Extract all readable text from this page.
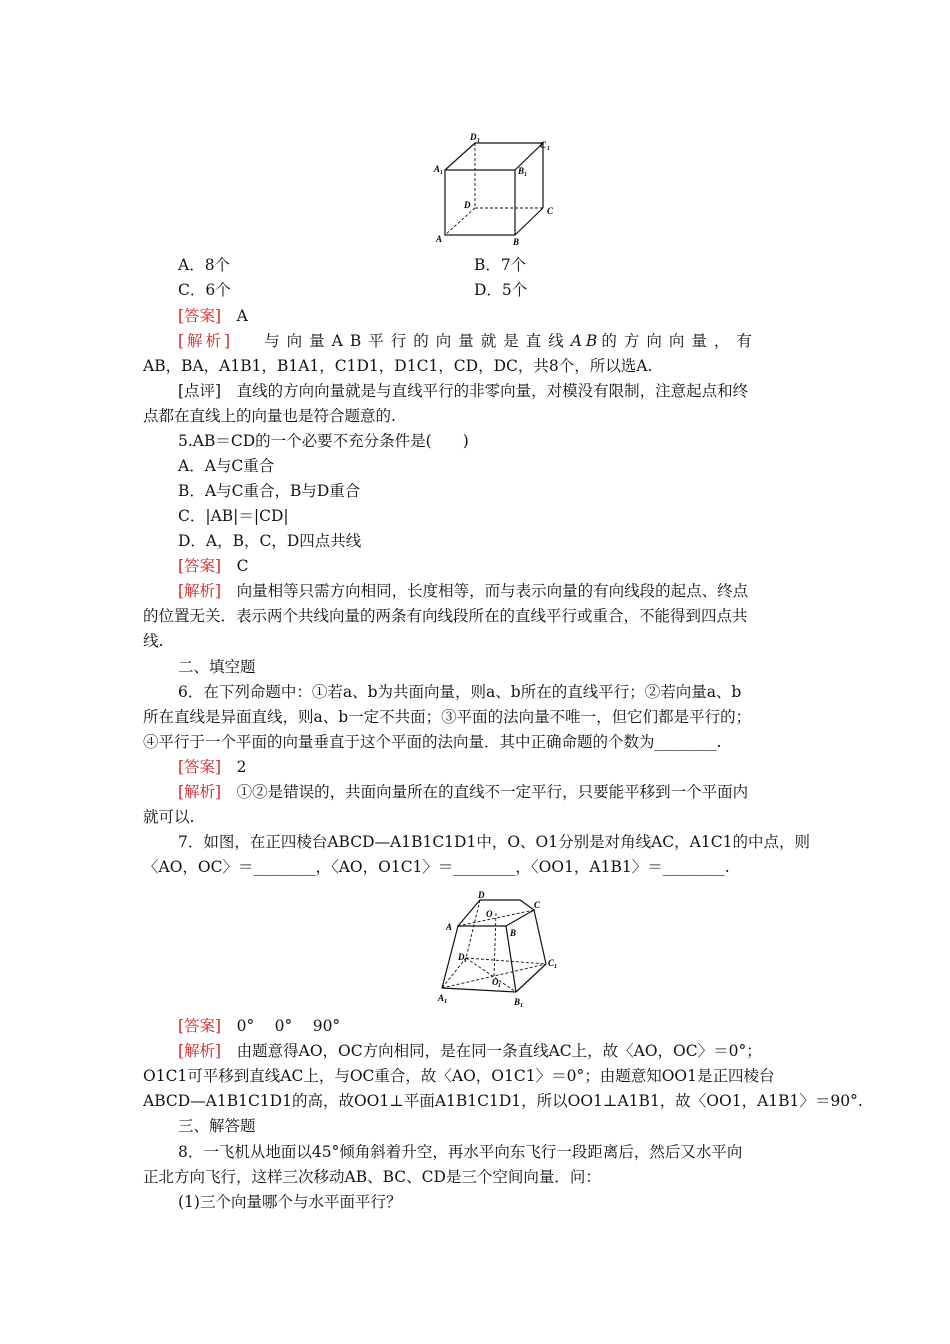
D 1	C 1
A 1	B 1
D
C
A	B
A．8个	B．7个
C．6个	D．5个
[答案]　 A
[解析]　　 与向量AB平行的向量就是直线AB的方向向量，有
AB，BA，A1B1，B1A1，C1D1，D1C1，CD，DC，共8个，所以选A.
[点评]　 直线的方向向量就是与直线平行的非零向量，对模没有限制，注意起点和终
点都在直线上的向量也是符合题意的.
5.AB＝CD的一个必要不充分条件是(　　)
A．A与C重合
B．A与C重合，B与D重合
C．|AB|＝|CD|
D．A，B，C，D四点共线
[答案]　 C
[解析]　 向量相等只需方向相同，长度相等，而与表示向量的有向线段的起点、终点
的位置无关．表示两个共线向量的两条有向线段所在的直线平行或重合，不能得到四点共
线.
二、填空题
6．在下列命题中：①若a、b为共面向量，则a、b所在的直线平行；②若向量a、b
所在直线是异面直线，则a、b一定不共面；③平面的法向量不唯一，但它们都是平行的；
④平行于一个平面的向量垂直于这个平面的法向量．其中正确命题的个数为________.
[答案]　 2
[解析]　 ①②是错误的，共面向量所在的直线不一定平行，只要能平移到一个平面内
就可以.
7．如图，在正四棱台ABCD—A1B1C1D1中，O、O1分别是对角线AC，A1C1的中点，则
〈AO，OC〉＝________，〈AO，O1C1〉＝________，〈OO1，A1B1〉＝________.
D
C
O
A
B
D 1	C 1
O 1
A 1	B 1
[答案]　 0°　 0°　 90°
[解析]　 由题意得AO，OC方向相同，是在同一条直线AC上，故〈AO，OC〉＝0°；
O1C1可平移到直线AC上，与OC重合，故〈AO，O1C1〉＝0°；由题意知OO1是正四棱台
ABCD—A1B1C1D1的高，故OO1⊥平面A1B1C1D1，所以OO1⊥A1B1，故〈OO1，A1B1〉＝90°.
三、解答题
8．一飞机从地面以45°倾角斜着升空，再水平向东飞行一段距离后，然后又水平向
正北方向飞行，这样三次移动AB、BC、CD是三个空间向量．问：
(1)三个向量哪个与水平面平行？
